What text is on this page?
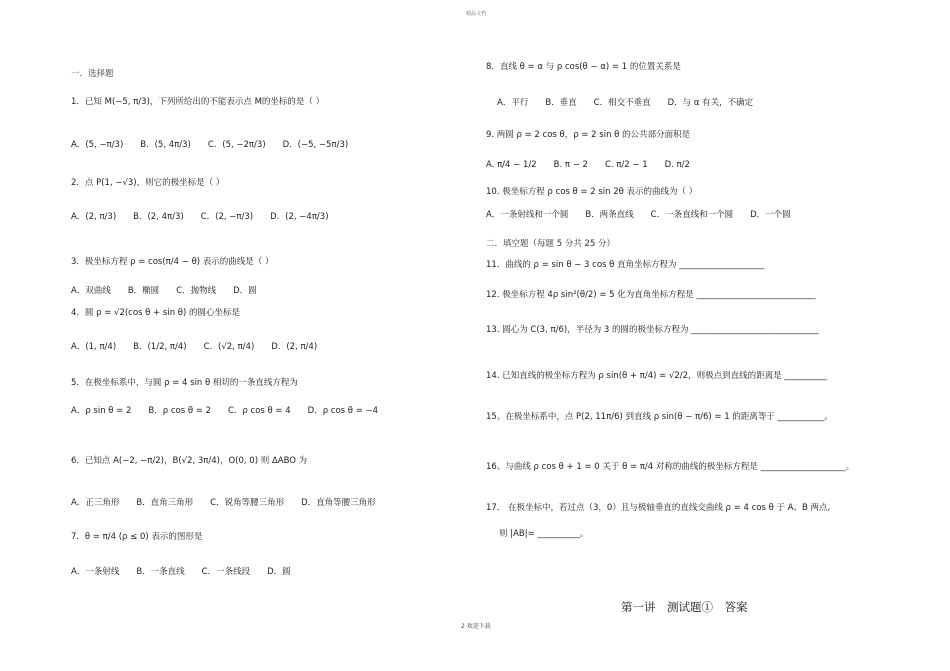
精品文档
一．选择题
1．已知 M(−5, π/3)，下列所给出的不能表示点 M的坐标的是（ ）
A．(5, −π/3)　　B．(5, 4π/3)　　C．(5, −2π/3)　　D．(−5, −5π/3)
2．点 P(1, −√3)，则它的极坐标是（ ）
A．(2, π/3)　　B．(2, 4π/3)　　C．(2, −π/3)　　D．(2, −4π/3)
3．极坐标方程 ρ = cos(π/4 − θ) 表示的曲线是（ ）
A．双曲线　　B．椭圆　　C．抛物线　　D．圆
4．圆 ρ = √2(cos θ + sin θ) 的圆心坐标是
A．(1, π/4)　　B．(1/2, π/4)　　C．(√2, π/4)　　D．(2, π/4)
5．在极坐标系中，与圆 ρ = 4 sin θ 相切的一条直线方程为
A．ρ sin θ = 2　　B．ρ cos θ = 2　　C．ρ cos θ = 4　　D．ρ cos θ = −4
6．已知点 A(−2, −π/2)，B(√2, 3π/4)，O(0, 0) 则 ΔABO 为
A．正三角形　　B．直角三角形　　C．锐角等腰三角形　　D．直角等腰三角形
7．θ = π/4 (ρ ≤ 0) 表示的图形是
A．一条射线　　B．一条直线　　C．一条线段　　D．圆
8．直线 θ = α 与 ρ cos(θ − α) = 1 的位置关系是
A．平行　　B．垂直　　C．相交不垂直　　D．与 α 有关，不确定
9. 两圆 ρ = 2 cos θ，ρ = 2 sin θ 的公共部分面积是
A. π/4 − 1/2　　B. π − 2　　C. π/2 − 1　　D. π/2
10. 极坐标方程 ρ cos θ = 2 sin 2θ 表示的曲线为（ ）
A．一条射线和一个圆　　B．两条直线　　C．一条直线和一个圆　　D．一个圆
二．填空题（每题 5 分共 25 分）
11．曲线的 ρ = sin θ − 3 cos θ 直角坐标方程为 ____________________
12. 极坐标方程 4ρ sin²(θ/2) = 5 化为直角坐标方程是 ____________________________
13. 圆心为 C(3, π/6)，半径为 3 的圆的极坐标方程为 ______________________________
14. 已知直线的极坐标方程为 ρ sin(θ + π/4) = √2/2，则极点到直线的距离是 __________
15、在极坐标系中，点 P(2, 11π/6) 到直线 ρ sin(θ − π/6) = 1 的距离等于 ___________。
16、与曲线 ρ cos θ + 1 = 0 关于 θ = π/4 对称的曲线的极坐标方程是 ____________________。
17． 在极坐标中，若过点（3，0）且与极轴垂直的直线交曲线 ρ = 4 cos θ 于 A、B 两点,
则 |AB|= __________。
第一讲　测试题①　答案
2 欢迎下载
